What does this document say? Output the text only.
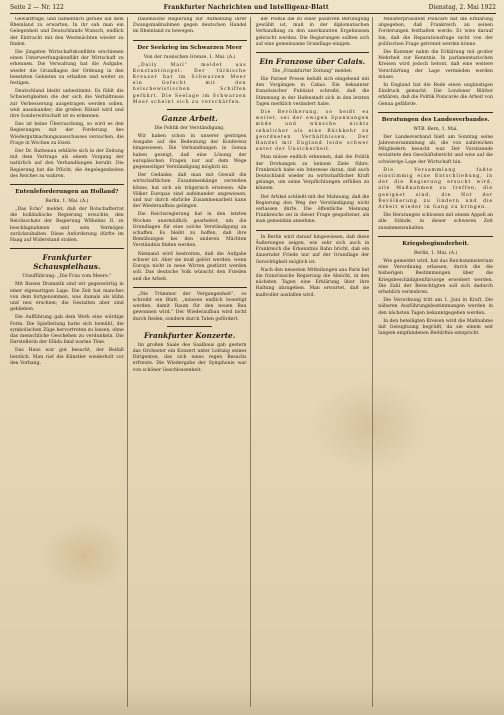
Seite 2 — Nr. 122	Frankfurter Nachrichten und Intelligenz-Blatt	Dienstag, 2. Mai 1922

Gewaltfrage, und namentlich gerade auf dem Rheinland zu erwarten. In ihr sah man ein Gelegenheit und Deutschlands Wunsch, endlich der Eintracht mit den Westmächten wieder zu finden.

Die jüngsten Wirtschaftskonflikte erschienen einen Unterwerfungskonflikt der Wirtschaft zu erkennen. Die Verwaltung hat die Aufgabe, wieder die Grundlagen der Ordnung in den besetzten Gebieten zu erhalten und weiter zu festigen.

Deutschland bleibt unbestimmt. Es fühlt die Schwierigkeiten die der sich die Verhältnisse zur Verbesserung ausgetragen werden sollen, weit auseinander; die großen Rätsel wird und ihre Sonderwirtschaft ist zu erkennen.

Das ist keine Überraschung, so wird es den Regierungen mit der Forderung des Wiedergutmachungsausschusses versuchen, die Frage in Wochen zu lösen.

Der Dr. Rathenau erklärte sich in der Zeitung mit dem Vertrage als einem Vorgang der natürlich auf den Verhandlungen beruht. Die Regierung hat die Pflicht, die Angelegenheiten des Reiches zu wahren.

Entenleforderungen an Holland?
Berlin, 1. Mai. (A.)

„Das Echo“ meldet, daß der Botschafterrat die holländische Regierung ersuchte, den Reichsschatz der Regierung Wilhelms II. zu beschlagnahmen und sein Vermögen zurückzuhalten. Diese Anforderung dürfte im Haag auf Widerstand stoßen.

Frankfurter Schauspielhaus.
Uraufführung: „Die Frau vom Meere.“

Mit Ibsens Dramatik sind wir gegenwärtig in einer eigenartigen Lage. Die Zeit hat manches von dem fortgenommen, was damals als kühn und neu erschien; die Gestalten aber sind geblieben.

Die Aufführung gab dem Werk eine würdige Form. Die Spielleitung hatte sich bemüht, die symbolischen Züge hervortreten zu lassen, ohne das menschliche Geschehen zu verdunkeln. Die Darstellerin der Ellida fand warme Töne.

Das Haus war gut besucht, der Beifall herzlich. Man rief die Künstler wiederholt vor den Vorhang.

Italienische Regierung zur Aufhebung ihrer Zwangsmaßnahmen gegen deutschen Handel im Rheinland zu bewegen.

Der Seekrieg im Schwarzen Meer
Von der russischen Grenze, 1. Mai. (A.)

„Daily Mail“ meldet aus Konstantinopel: Der türkische Kreuzer hat im Schwarzen Meer ein Gefecht mit den bolschewistischen Schiffen geführt. Die Seelage im Schwarzen Meer scheint sich zu verschärfen.

Ganze Arbeit.
Die Politik der Verständigung.

Wir haben schon in unserer gestrigen Ausgabe auf die Bedeutung der Konferenz hingewiesen. Die Verhandlungen in Genua haben gezeigt, daß eine Lösung der europäischen Fragen nur auf dem Wege gegenseitiger Verständigung möglich ist.

Der Gedanke, daß man mit Gewalt die wirtschaftlichen Zusammenhänge zerreißen könne, hat sich als trügerisch erwiesen. Alle Völker Europas sind aufeinander angewiesen, und nur durch ehrliche Zusammenarbeit kann der Wiederaufbau gelingen.

Die Reichsregierung hat in den letzten Wochen unermüdlich gearbeitet, um die Grundlagen für eine solche Verständigung zu schaffen. Es bleibt zu hoffen, daß ihre Bemühungen bei den anderen Mächten Verständnis finden werden.

Niemand wird bestreiten, daß die Aufgabe schwer ist. Aber sie muß gelöst werden, wenn Europa nicht in neue Wirren gestürzt werden soll. Das deutsche Volk wünscht den Frieden und die Arbeit.

„Die Trümmer der Vergangenheit“, so schreibt ein Blatt, „müssen endlich beseitigt werden, damit Raum für den neuen Bau gewonnen wird.“ Der Wiederaufbau wird nicht durch Reden, sondern durch Taten gefördert.

Frankfurter Konzerte.

Im großen Saale des Saalbaus gab gestern das Orchester ein Konzert unter Leitung seines Dirigenten, das sich eines regen Besuchs erfreute. Die Wiedergabe der Symphonie war von schöner Geschlossenheit.

der Politik die zu einer positiven Beruhigung gewählt ist, muß in der diplomatischen Verhandlung zu den anerkannten Ergebnissen gebracht werden. Die Regierungen sollten sich auf eine gemeinsame Grundlage einigen.

Ein Franzose über Calais.
Die „Frankfurter Zeitung“ meldet:

Die Pariser Presse befaßt sich eingehend mit den Vorgängen in Calais. Ein bekannter französischer Publizist schreibt, daß die Stimmung in der Hafenstadt sich in den letzten Tagen merklich verändert habe.

Die Bevölkerung, so heißt es weiter, sei der ewigen Spannungen müde und wünsche nichts sehnlicher als eine Rückkehr zu geordneten Verhältnissen. Der Handel mit England leide schwer unter der Unsicherheit.

Man müsse endlich erkennen, daß die Politik der Drohungen zu keinem Ziele führe. Frankreich habe ein Interesse daran, daß auch Deutschland wieder zu wirtschaftlicher Kraft gelange, um seine Verpflichtungen erfüllen zu können.

Der Artikel schließt mit der Mahnung, daß die Regierung den Weg der Verständigung nicht verlassen dürfe. Die öffentliche Meinung Frankreichs sei in dieser Frage gespaltener, als man gemeinhin annehme.

In Berlin wird darauf hingewiesen, daß diese Äußerungen zeigen, wie sehr sich auch in Frankreich die Erkenntnis Bahn bricht, daß ein dauernder Friede nur auf der Grundlage der Gerechtigkeit möglich ist.

Nach den neuesten Mitteilungen aus Paris hat die französische Regierung die Absicht, in den nächsten Tagen eine Erklärung über ihre Haltung abzugeben. Man erwartet, daß sie maßvoller ausfallen wird.

Ministerpräsident Poincaré hat die Erklärung abgegeben, daß Frankreich an seinen Forderungen festhalten werde. Er wies darauf hin, daß die Reparationsfrage nicht von der politischen Frage getrennt werden könne.

Die Kammer nahm die Erklärung mit großer Mehrheit zur Kenntnis. In parlamentarischen Kreisen wird jedoch betont, daß eine weitere Verschärfung der Lage vermieden werden müsse.

In England hat die Rede einen ungünstigen Eindruck gemacht. Die Londoner Blätter erklären, daß die Politik Poincarés die Arbeit von Genua gefährde.

Beratungen des Landesverbandes.
WTB. Bern, 1. Mai.

Der Landesverband hielt am Sonntag seine Jahresversammlung ab, die von zahlreichen Mitgliedern besucht war. Der Vorsitzende erstattete den Geschäftsbericht und wies auf die schwierige Lage der Wirtschaft hin.

Die Versammlung faßte einstimmig eine Entschließung, in der die Regierung ersucht wird, alle Maßnahmen zu treffen, die geeignet sind, die Not der Bevölkerung zu lindern und die Arbeit wieder in Gang zu bringen.

Die Beratungen schlossen mit einem Appell an alle Stände, in dieser schweren Zeit zusammenzuhalten.

Kriegsbeginnderbeit.
Berlin, 1. Mai. (A.)

Wie gemeldet wird, hat das Reichsministerium eine Verordnung erlassen, durch die die bisherigen Bestimmungen über die Kriegsbeschädigtenfürsorge erweitert werden. Die Zahl der Berechtigten soll sich dadurch erheblich vermehren.

Die Verordnung tritt am 1. Juni in Kraft. Die näheren Ausführungsbestimmungen werden in den nächsten Tagen bekanntgegeben werden.

In den beteiligten Kreisen wird die Maßnahme mit Genugtuung begrüßt, da sie einem seit langem empfundenen Bedürfnis entspricht.
